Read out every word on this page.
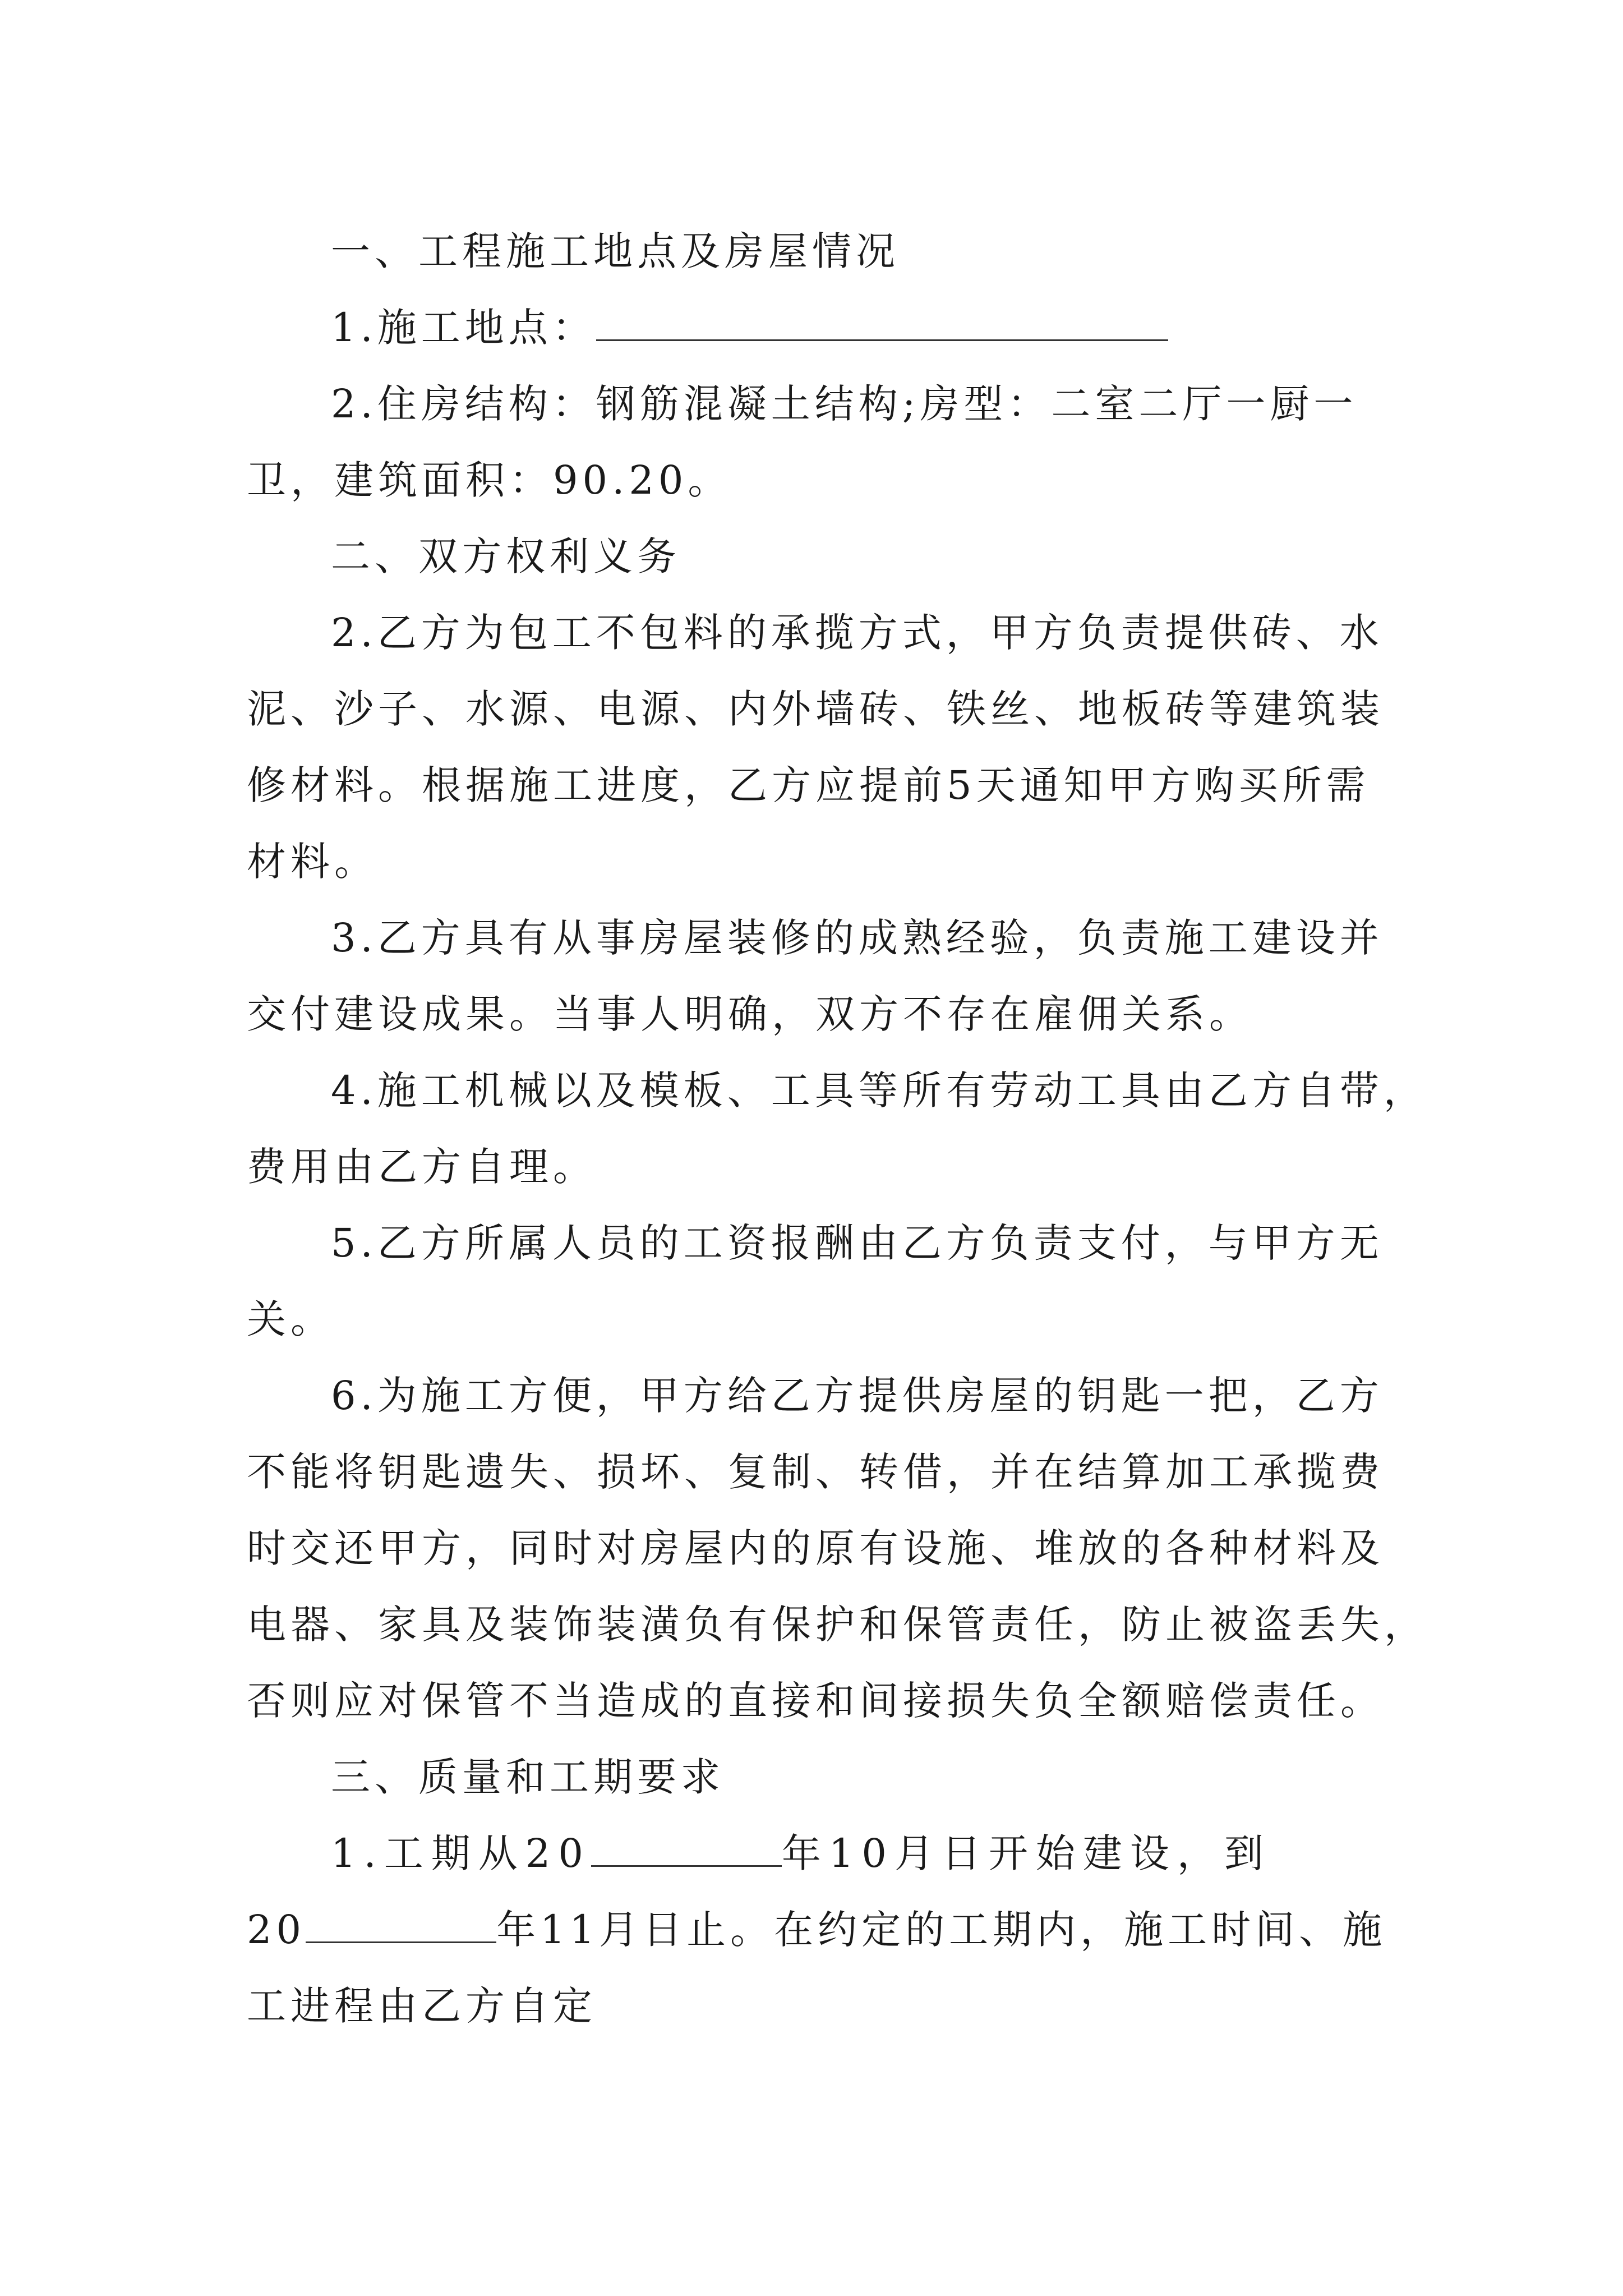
一、工程施工地点及房屋情况
1.施工地点：
2.住房结构：钢筋混凝土结构;房型：二室二厅一厨一
卫，建筑面积：90.20。
二、双方权利义务
2.乙方为包工不包料的承揽方式，甲方负责提供砖、水
泥、沙子、水源、电源、内外墙砖、铁丝、地板砖等建筑装
修材料。根据施工进度，乙方应提前5天通知甲方购买所需
材料。
3.乙方具有从事房屋装修的成熟经验，负责施工建设并
交付建设成果。当事人明确，双方不存在雇佣关系。
4.施工机械以及模板、工具等所有劳动工具由乙方自带，
费用由乙方自理。
5.乙方所属人员的工资报酬由乙方负责支付，与甲方无
关。
6.为施工方便，甲方给乙方提供房屋的钥匙一把，乙方
不能将钥匙遗失、损坏、复制、转借，并在结算加工承揽费
时交还甲方，同时对房屋内的原有设施、堆放的各种材料及
电器、家具及装饰装潢负有保护和保管责任，防止被盗丢失，
否则应对保管不当造成的直接和间接损失负全额赔偿责任。
三、质量和工期要求
1.工期从20	年10月日开始建设，到
20	年11月日止。在约定的工期内，施工时间、施
工进程由乙方自定
